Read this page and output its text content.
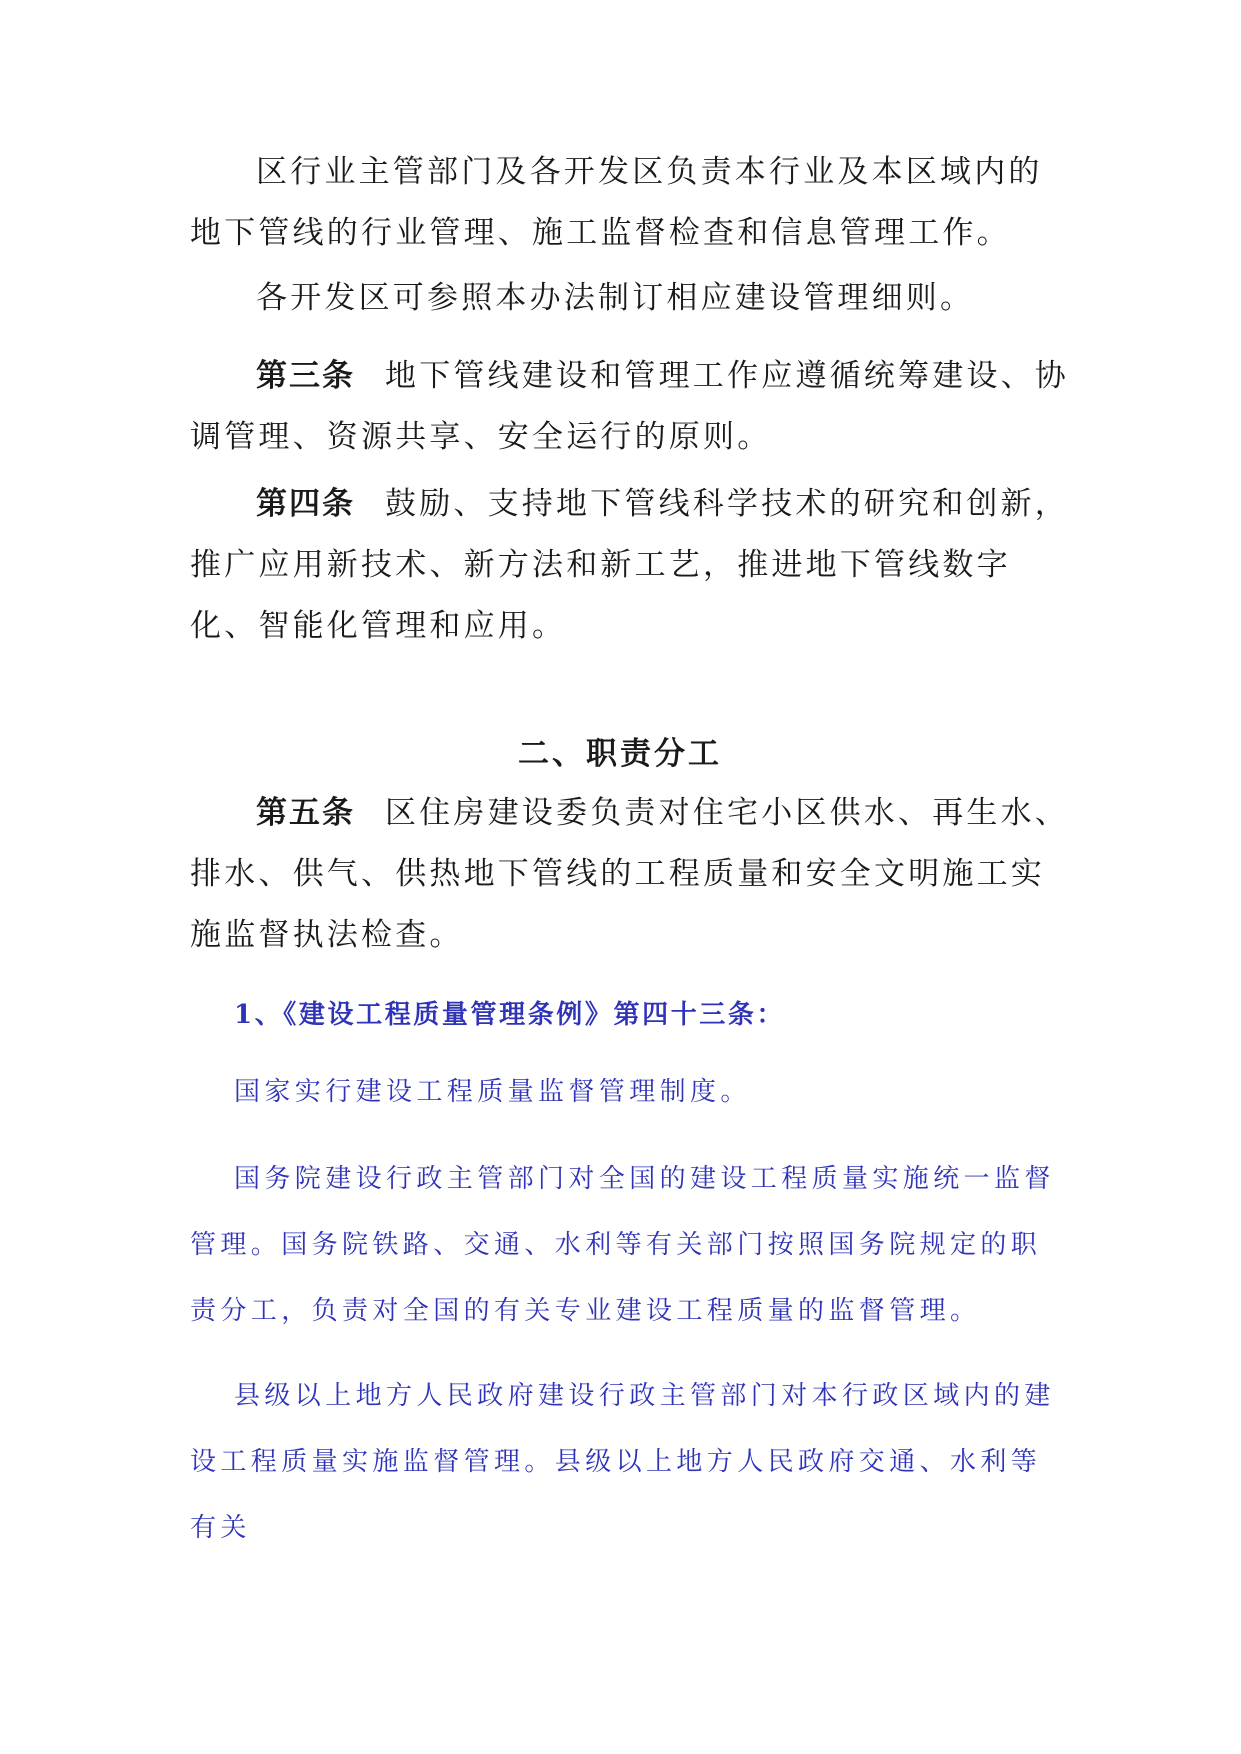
区行业主管部门及各开发区负责本行业及本区域内的地下管线的行业管理、施工监督检查和信息管理工作。

各开发区可参照本办法制订相应建设管理细则。

第三条 地下管线建设和管理工作应遵循统筹建设、协调管理、资源共享、安全运行的原则。

第四条 鼓励、支持地下管线科学技术的研究和创新，推广应用新技术、新方法和新工艺，推进地下管线数字化、智能化管理和应用。

二、职责分工

第五条 区住房建设委负责对住宅小区供水、再生水、排水、供气、供热地下管线的工程质量和安全文明施工实施监督执法检查。

1、《建设工程质量管理条例》第四十三条：

国家实行建设工程质量监督管理制度。

国务院建设行政主管部门对全国的建设工程质量实施统一监督管理。国务院铁路、交通、水利等有关部门按照国务院规定的职责分工，负责对全国的有关专业建设工程质量的监督管理。

县级以上地方人民政府建设行政主管部门对本行政区域内的建设工程质量实施监督管理。县级以上地方人民政府交通、水利等有关
